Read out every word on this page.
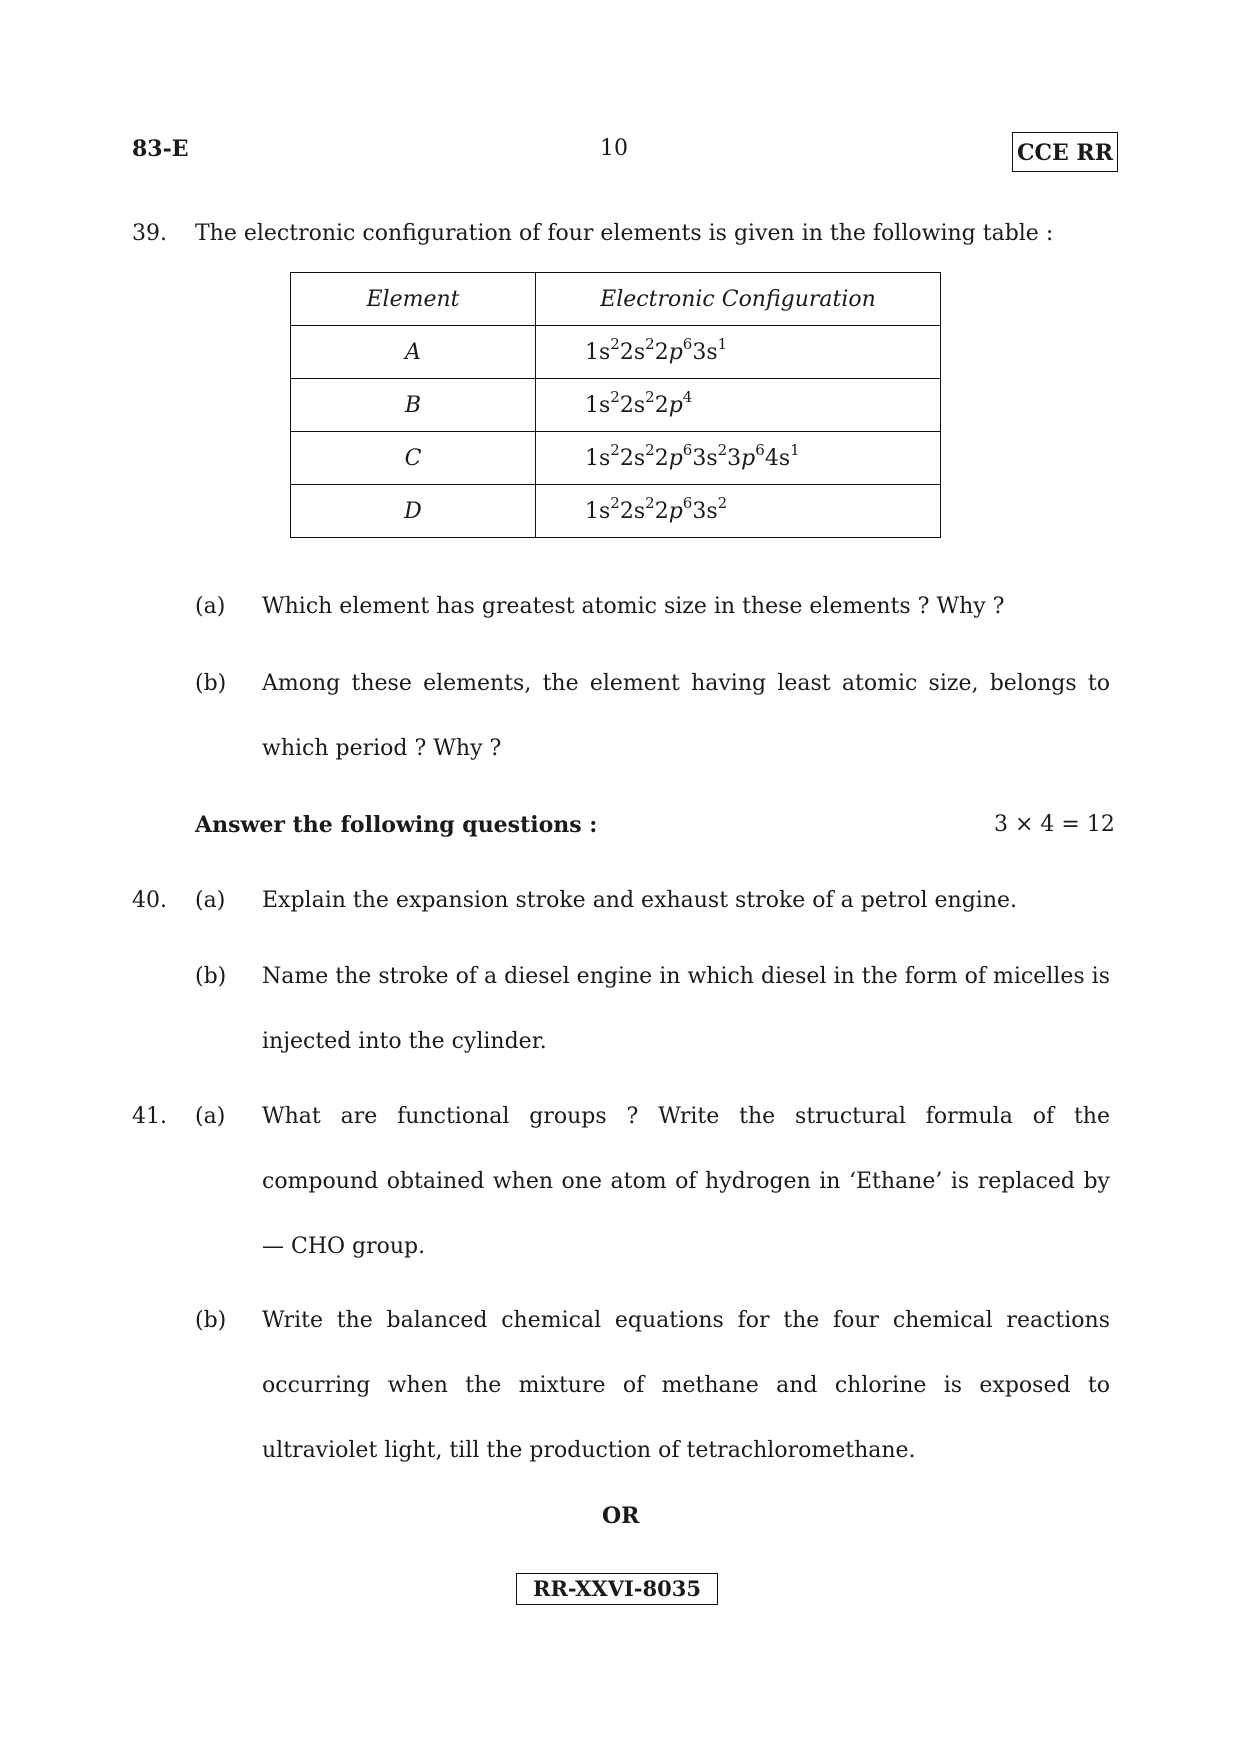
83-E	10	CCE RR
39. The electronic configuration of four elements is given in the following table :
Element	Electronic Configuration
A	$1s^22s^22p^63s^1$
B	$1s^22s^22p^4$
C	$1s^22s^22p^63s^23p^64s^1$
D	$1s^22s^22p^63s^2$
(a) Which element has greatest atomic size in these elements ? Why ?
(b) Among these elements, the element having least atomic size, belongs to
which period ? Why ?
Answer the following questions :	3 × 4 = 12
40. (a) Explain the expansion stroke and exhaust stroke of a petrol engine.
(b) Name the stroke of a diesel engine in which diesel in the form of micelles is
injected into the cylinder.
41. (a) What are functional groups ? Write the structural formula of the
compound obtained when one atom of hydrogen in ‘Ethane’ is replaced by
— CHO group.
(b) Write the balanced chemical equations for the four chemical reactions
occurring when the mixture of methane and chlorine is exposed to
ultraviolet light, till the production of tetrachloromethane.
OR
RR-XXVI-8035
